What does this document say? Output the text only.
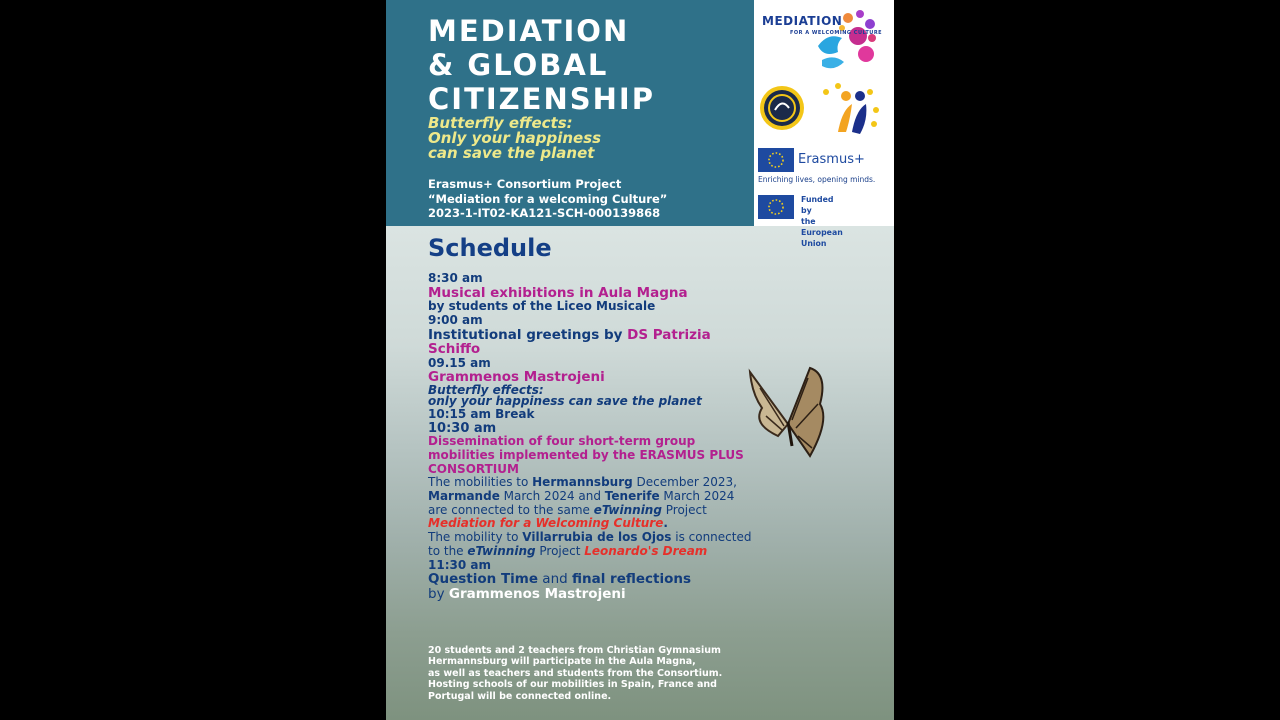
MEDIATION
& GLOBAL
CITIZENSHIP
Butterfly effects:
Only your happiness
can save the planet
Erasmus+ Consortium Project
“Mediation for a welcoming Culture”
2023-1-IT02-KA121-SCH-000139868
MEDIATION
FOR A WELCOMING CULTURE
Erasmus+
Enriching lives, opening minds.
Funded by
the European Union
Schedule

8:30 am

Musical exhibitions in Aula Magna

by students of the Liceo Musicale

9:00 am

Institutional greetings by DS Patrizia Schiffo

09.15 am

Grammenos Mastrojeni

Butterfly effects:

only your happiness can save the planet

10:15 am Break

10:30 am

Dissemination of four short-term group mobilities implemented by the ERASMUS PLUS CONSORTIUM

The mobilities to Hermannsburg December 2023, Marmande March 2024 and Tenerife March 2024

are connected to the same eTwinning Project
Mediation for a Welcoming Culture.

The mobility to Villarrubia de los Ojos is connected to the eTwinning Project Leonardo's Dream

11:30 am

Question Time and final reflections

by Grammenos Mastrojeni

20 students and 2 teachers from Christian Gymnasium
Hermannsburg will participate in the Aula Magna,
as well as teachers and students from the Consortium.
Hosting schools of our mobilities in Spain, France and
Portugal will be connected online.
